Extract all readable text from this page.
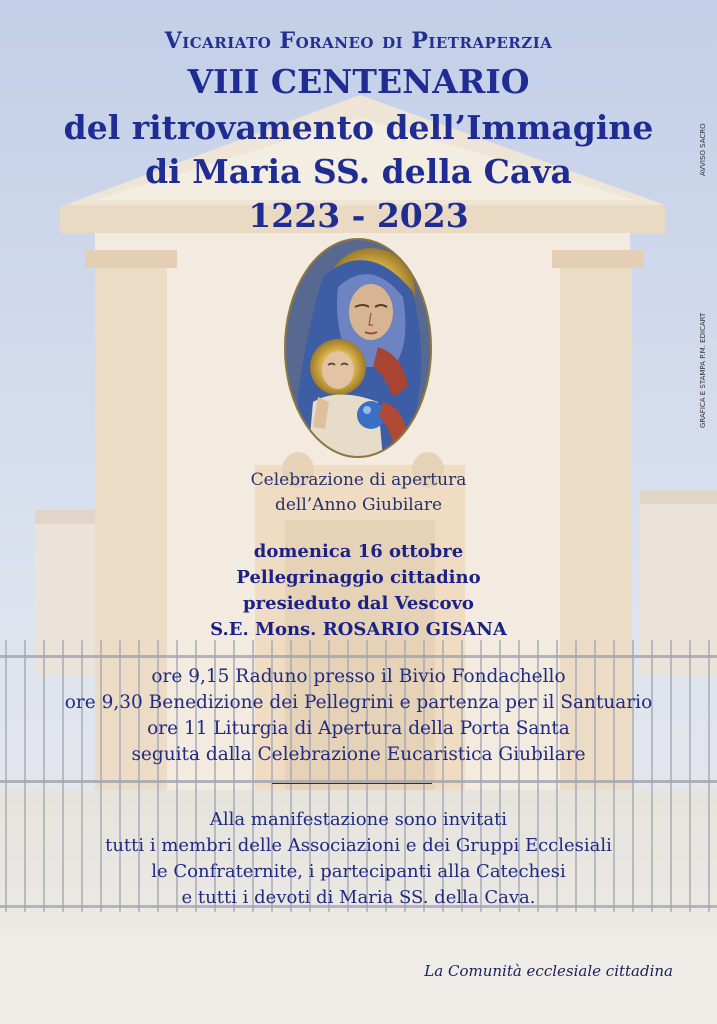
Vicariato Foraneo di Pietraperzia
VIII CENTENARIO
del ritrovamento dell’Immagine
di Maria SS. della Cava
1223 - 2023
Celebrazione di apertura
dell’Anno Giubilare
domenica 16 ottobre
Pellegrinaggio cittadino
presieduto dal Vescovo
S.E. Mons. ROSARIO GISANA
ore 9,15 Raduno presso il Bivio Fondachello
ore 9,30 Benedizione dei Pellegrini e partenza per il Santuario
ore 11 Liturgia di Apertura della Porta Santa
seguita dalla Celebrazione Eucaristica Giubilare
Alla manifestazione sono invitati
tutti i membri delle Associazioni e dei Gruppi Ecclesiali
le Confraternite, i partecipanti alla Catechesi
e tutti i devoti di Maria SS. della Cava.
La Comunità ecclesiale cittadina
AVVISO SACRO
GRAFICA E STAMPA P.M. EDICART
